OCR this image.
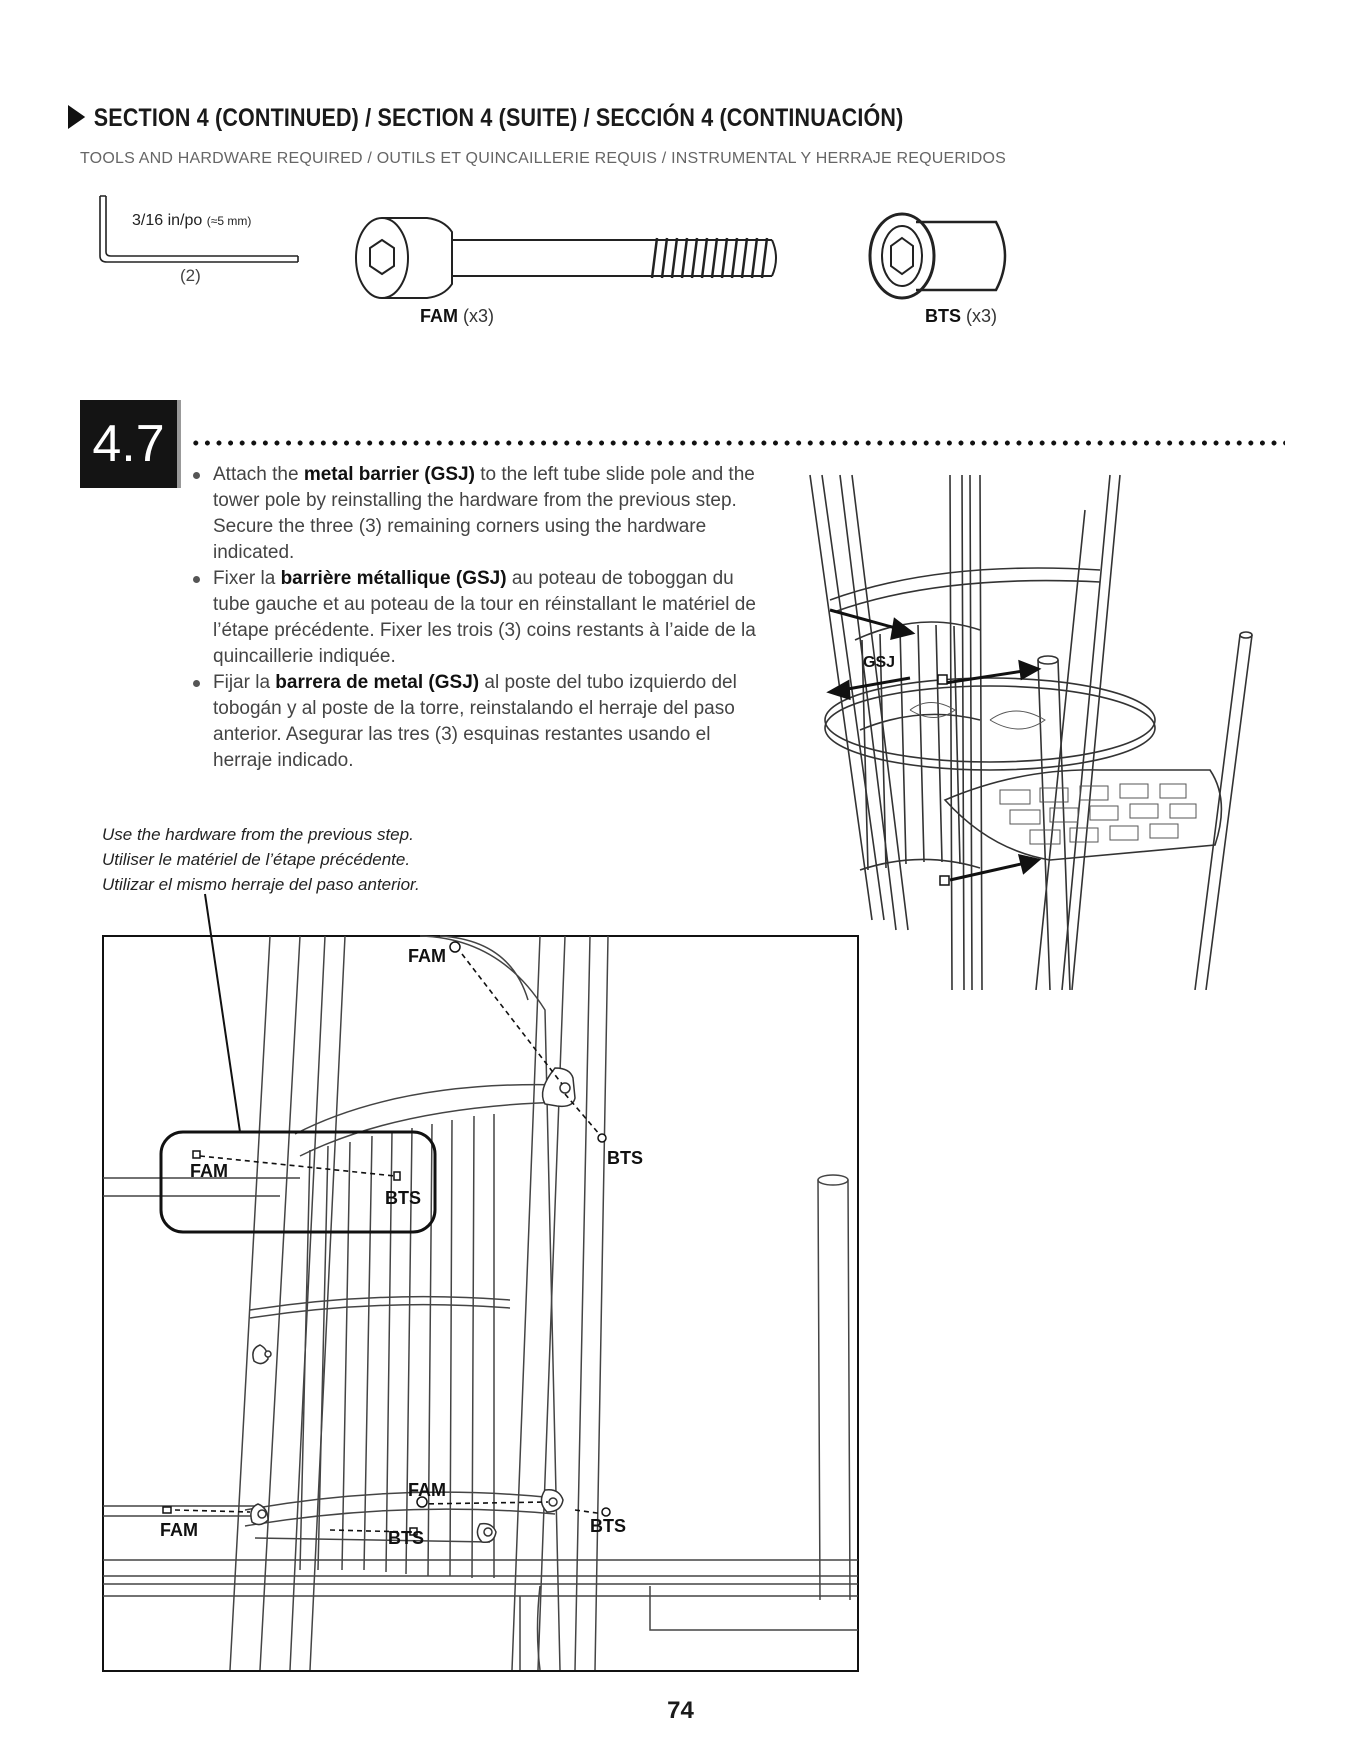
SECTION 4 (CONTINUED) / SECTION 4 (SUITE) / SECCIÓN 4 (CONTINUACIÓN)
TOOLS AND HARDWARE REQUIRED / OUTILS ET QUINCAILLERIE REQUIS / INSTRUMENTAL Y HERRAJE REQUERIDOS
3/16 in/po (≈5 mm)
(2)
FAM (x3)	BTS (x3)
4.7
Attach the metal barrier (GSJ) to the left tube slide pole and the tower pole by reinstalling the hardware from the previous step. Secure the three (3) remaining corners using the hardware indicated.
Fixer la barrière métallique (GSJ) au poteau de toboggan du tube gauche et au poteau de la tour en réinstallant le matériel de l’étape précédente. Fixer les trois (3) coins restants à l’aide de la quincaillerie indiquée.
Fijar la barrera de metal (GSJ) al poste del tubo izquierdo del tobogán y al poste de la torre, reinstalando el herraje del paso anterior. Asegurar las tres (3) esquinas restantes usando el herraje indicado.
GSJ
Use the hardware from the previous step.
Utiliser le matériel de l’étape précédente.
Utilizar el mismo herraje del paso anterior.
FAM
BTS
FAM
BTS
FAM
BTS
FAM	BTS
74
